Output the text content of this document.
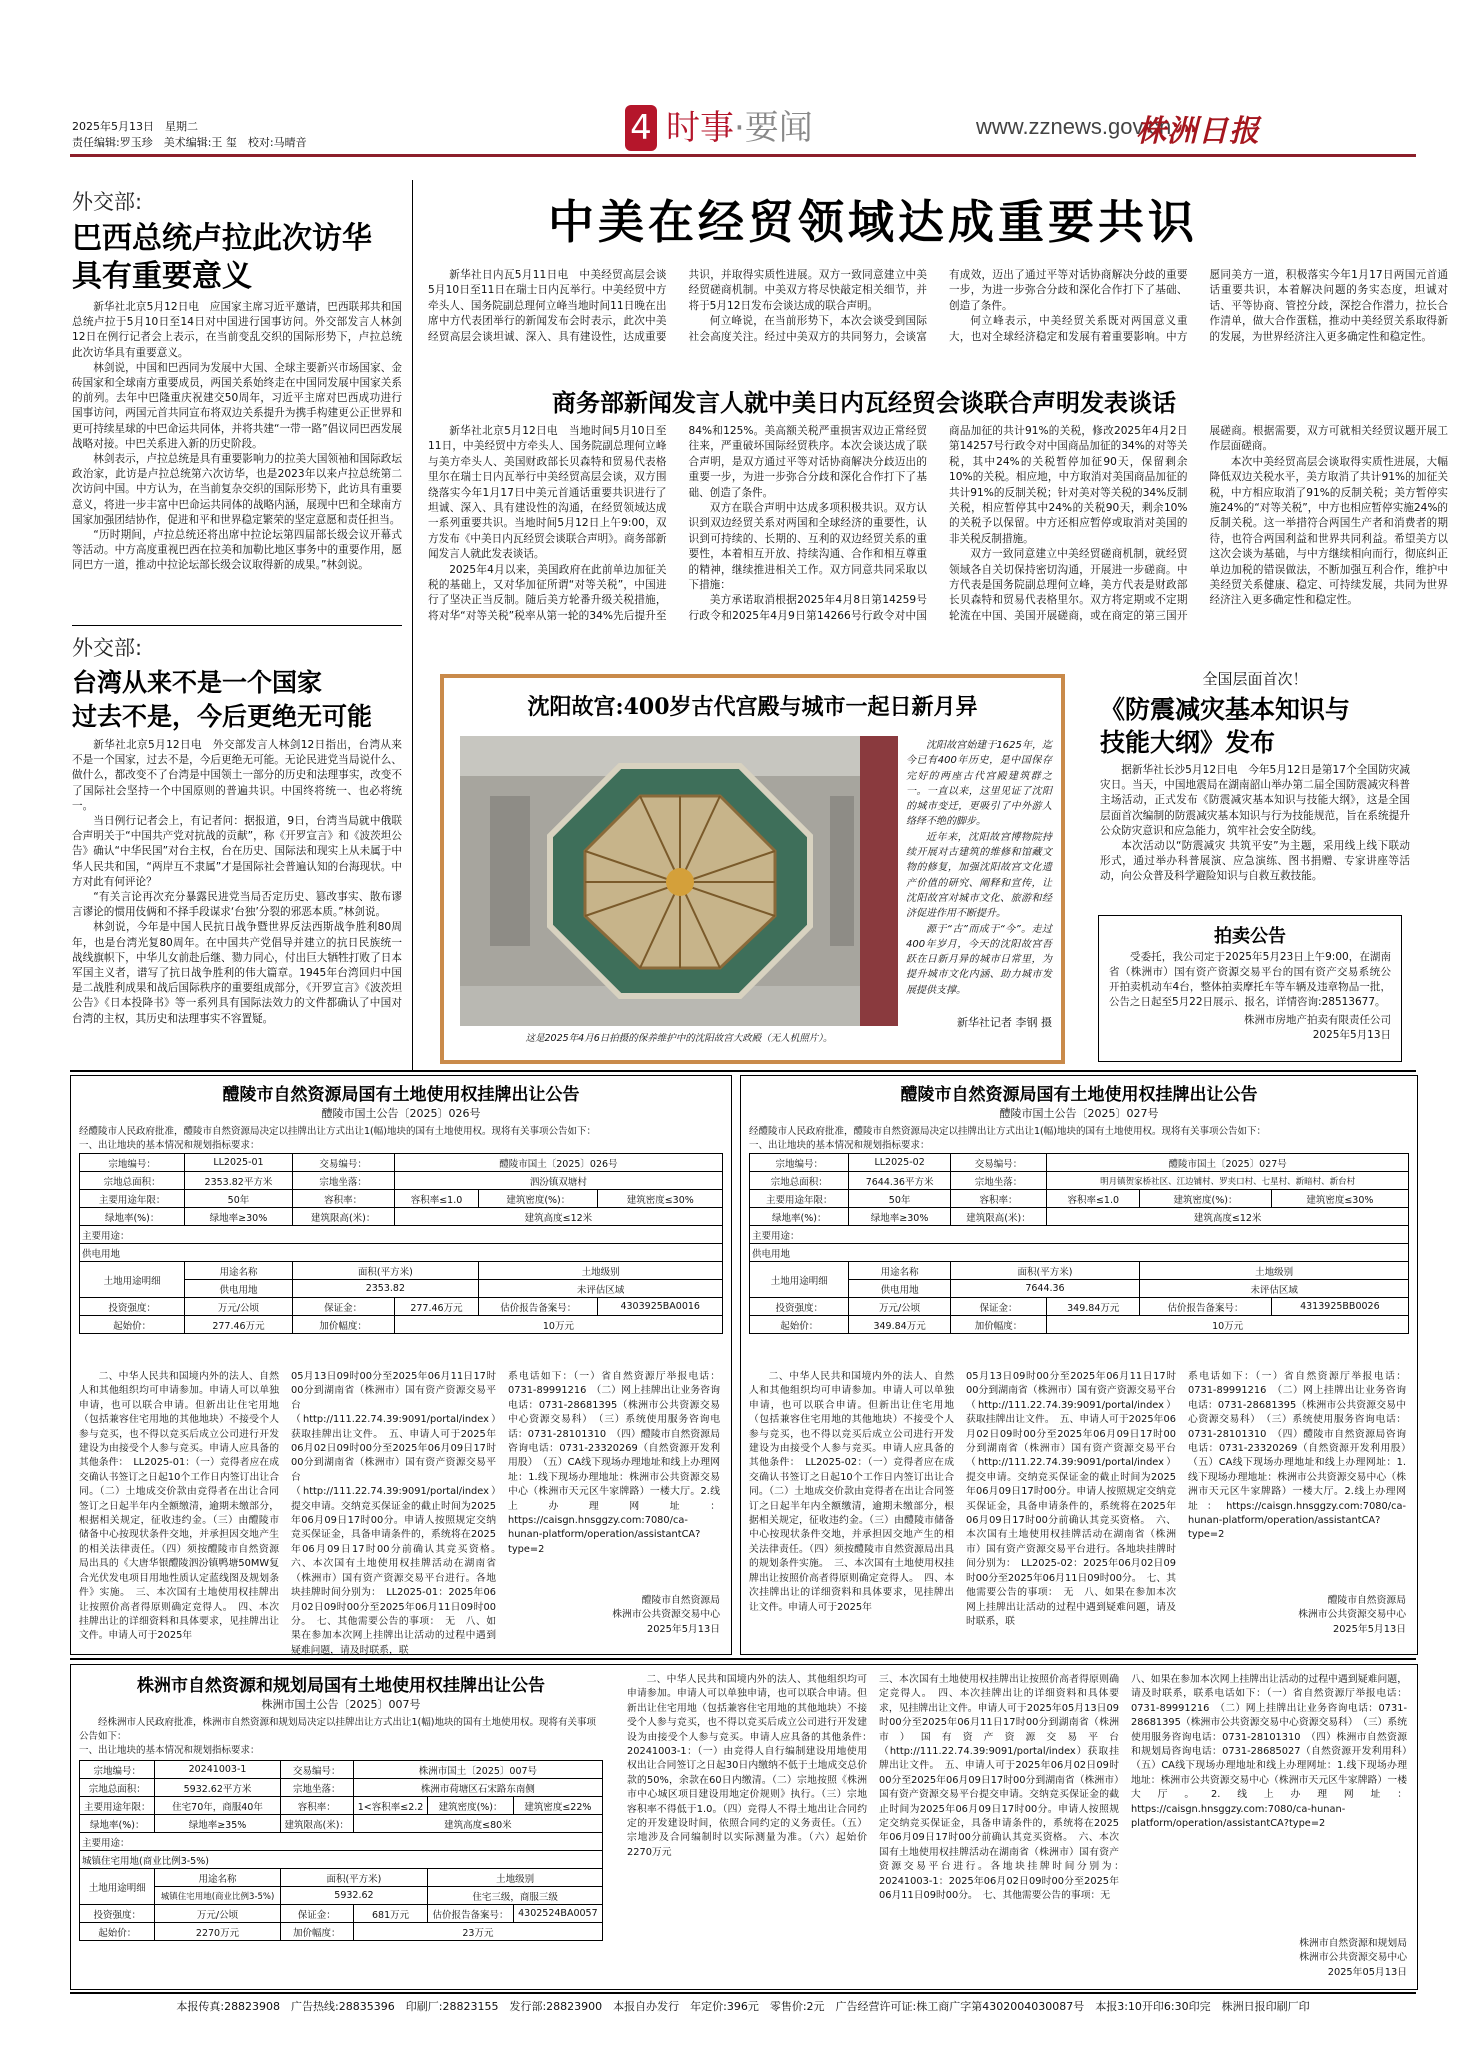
2025年5月13日　星期二
责任编辑:罗玉珍　美术编辑:王 玺　校对:马晴音	4 时事·要闻	www.zznews.gov.cn
株洲日报
外交部:
巴西总统卢拉此次访华
具有重要意义

新华社北京5月12日电　应国家主席习近平邀请，巴西联邦共和国总统卢拉于5月10日至14日对中国进行国事访问。外交部发言人林剑12日在例行记者会上表示，在当前变乱交织的国际形势下，卢拉总统此次访华具有重要意义。

林剑说，中国和巴西同为发展中大国、全球主要新兴市场国家、金砖国家和全球南方重要成员，两国关系始终走在中国同发展中国家关系的前列。去年中巴隆重庆祝建交50周年，习近平主席对巴西成功进行国事访问，两国元首共同宣布将双边关系提升为携手构建更公正世界和更可持续星球的中巴命运共同体，并将共建“一带一路”倡议同巴西发展战略对接。中巴关系进入新的历史阶段。

林剑表示，卢拉总统是具有重要影响力的拉美大国领袖和国际政坛政治家，此访是卢拉总统第六次访华，也是2023年以来卢拉总统第二次访问中国。中方认为，在当前复杂交织的国际形势下，此访具有重要意义，将进一步丰富中巴命运共同体的战略内涵，展现中巴和全球南方国家加强团结协作，促进和平和世界稳定繁荣的坚定意愿和责任担当。

“历时期间，卢拉总统还将出席中拉论坛第四届部长级会议开幕式等活动。中方高度重视巴西在拉美和加勒比地区事务中的重要作用，愿同巴方一道，推动中拉论坛部长级会议取得新的成果。”林剑说。

外交部:
台湾从来不是一个国家
过去不是，今后更绝无可能

新华社北京5月12日电　外交部发言人林剑12日指出，台湾从来不是一个国家，过去不是，今后更绝无可能。无论民进党当局说什么、做什么，都改变不了台湾是中国领土一部分的历史和法理事实，改变不了国际社会坚持一个中国原则的普遍共识。中国终将统一、也必将统一。

当日例行记者会上，有记者问：据报道，9日，台湾当局就中俄联合声明关于“中国共产党对抗战的贡献”，称《开罗宣言》和《波茨坦公告》确认“中华民国”对台主权，台在历史、国际法和现实上从未属于中华人民共和国，“两岸互不隶属”才是国际社会普遍认知的台海现状。中方对此有何评论？

“有关言论再次充分暴露民进党当局否定历史、篡改事实、散布谬言谬论的惯用伎俩和不择手段谋求‘台独’分裂的邪恶本质。”林剑说。

林剑说，今年是中国人民抗日战争暨世界反法西斯战争胜利80周年，也是台湾光复80周年。在中国共产党倡导并建立的抗日民族统一战线旗帜下，中华儿女前赴后继、勠力同心，付出巨大牺牲打败了日本军国主义者，谱写了抗日战争胜利的伟大篇章。1945年台湾回归中国是二战胜利成果和战后国际秩序的重要组成部分，《开罗宣言》《波茨坦公告》《日本投降书》等一系列具有国际法效力的文件都确认了中国对台湾的主权，其历史和法理事实不容置疑。

中美在经贸领域达成重要共识

新华社日内瓦5月11日电　中美经贸高层会谈5月10日至11日在瑞士日内瓦举行。中美经贸中方牵头人、国务院副总理何立峰当地时间11日晚在出席中方代表团举行的新闻发布会时表示，此次中美经贸高层会谈坦诚、深入、具有建设性，达成重要共识，并取得实质性进展。双方一致同意建立中美经贸磋商机制。中美双方将尽快敲定相关细节，并将于5月12日发布会谈达成的联合声明。

何立峰说，在当前形势下，本次会谈受到国际社会高度关注。经过中美双方的共同努力，会谈富有成效，迈出了通过平等对话协商解决分歧的重要一步，为进一步弥合分歧和深化合作打下了基础、创造了条件。

何立峰表示，中美经贸关系既对两国意义重大，也对全球经济稳定和发展有着重要影响。中方愿同美方一道，积极落实今年1月17日两国元首通话重要共识，本着解决问题的务实态度，坦诚对话、平等协商、管控分歧，深挖合作潜力，拉长合作清单，做大合作蛋糕，推动中美经贸关系取得新的发展，为世界经济注入更多确定性和稳定性。

商务部新闻发言人就中美日内瓦经贸会谈联合声明发表谈话

新华社北京5月12日电　当地时间5月10日至11日，中美经贸中方牵头人、国务院副总理何立峰与美方牵头人、美国财政部长贝森特和贸易代表格里尔在瑞士日内瓦举行中美经贸高层会谈，双方围绕落实今年1月17日中美元首通话重要共识进行了坦诚、深入、具有建设性的沟通，在经贸领域达成一系列重要共识。当地时间5月12日上午9:00，双方发布《中美日内瓦经贸会谈联合声明》。商务部新闻发言人就此发表谈话。

2025年4月以来，美国政府在此前单边加征关税的基础上，又对华加征所谓“对等关税”，中国进行了坚决正当反制。随后美方轮番升级关税措施，将对华“对等关税”税率从第一轮的34%先后提升至84%和125%。美高额关税严重损害双边正常经贸往来，严重破坏国际经贸秩序。本次会谈达成了联合声明，是双方通过平等对话协商解决分歧迈出的重要一步，为进一步弥合分歧和深化合作打下了基础、创造了条件。

双方在联合声明中达成多项积极共识。双方认识到双边经贸关系对两国和全球经济的重要性，认识到可持续的、长期的、互利的双边经贸关系的重要性，本着相互开放、持续沟通、合作和相互尊重的精神，继续推进相关工作。双方同意共同采取以下措施：

美方承诺取消根据2025年4月8日第14259号行政令和2025年4月9日第14266号行政令对中国商品加征的共计91%的关税，修改2025年4月2日第14257号行政令对中国商品加征的34%的对等关税，其中24%的关税暂停加征90天，保留剩余10%的关税。相应地，中方取消对美国商品加征的共计91%的反制关税；针对美对等关税的34%反制关税，相应暂停其中24%的关税90天，剩余10%的关税予以保留。中方还相应暂停或取消对美国的非关税反制措施。

双方一致同意建立中美经贸磋商机制，就经贸领域各自关切保持密切沟通，开展进一步磋商。中方代表是国务院副总理何立峰，美方代表是财政部长贝森特和贸易代表格里尔。双方将定期或不定期轮流在中国、美国开展磋商，或在商定的第三国开展磋商。根据需要，双方可就相关经贸议题开展工作层面磋商。

本次中美经贸高层会谈取得实质性进展，大幅降低双边关税水平，美方取消了共计91%的加征关税，中方相应取消了91%的反制关税；美方暂停实施24%的“对等关税”，中方也相应暂停实施24%的反制关税。这一举措符合两国生产者和消费者的期待，也符合两国利益和世界共同利益。希望美方以这次会谈为基础，与中方继续相向而行，彻底纠正单边加税的错误做法，不断加强互利合作，维护中美经贸关系健康、稳定、可持续发展，共同为世界经济注入更多确定性和稳定性。

沈阳故宫:400岁古代宫殿与城市一起日新月异
这是2025年4月6日拍摄的保养维护中的沈阳故宫大政殿（无人机照片）。

沈阳故宫始建于1625年，迄今已有400年历史，是中国保存完好的两座古代宫殿建筑群之一。一直以来，这里见证了沈阳的城市变迁，更吸引了中外游人络绎不绝的脚步。

近年来，沈阳故宫博物院持续开展对古建筑的维修和馆藏文物的修复，加强沈阳故宫文化遗产价值的研究、阐释和宣传，让沈阳故宫对城市文化、旅游和经济促进作用不断提升。

源于“古”而成于“今”。走过400年岁月，今天的沈阳故宫吾跃在日新月异的城市日常里，为提升城市文化内涵、助力城市发展提供支撑。

新华社记者 李钢 摄
全国层面首次！
《防震减灾基本知识与
技能大纲》发布

据新华社长沙5月12日电　今年5月12日是第17个全国防灾减灾日。当天，中国地震局在湖南韶山举办第二届全国防震减灾科普主场活动，正式发布《防震减灾基本知识与技能大纲》，这是全国层面首次编制的防震减灾基本知识与行为技能规范，旨在系统提升公众防灾意识和应急能力，筑牢社会安全防线。

本次活动以“防震减灾 共筑平安”为主题，采用线上线下联动形式，通过举办科普展演、应急演练、图书捐赠、专家讲座等活动，向公众普及科学避险知识与自救互救技能。

拍卖公告
受委托，我公司定于2025年5月23日上午9:00，在湖南省（株洲市）国有资产资源交易平台的国有资产交易系统公开拍卖机动车4台，整体拍卖摩托车等车辆及违章物品一批，公告之日起至5月22日展示、报名，详情咨询:28513677。
株洲市房地产拍卖有限责任公司
2025年5月13日
醴陵市自然资源局国有土地使用权挂牌出让公告
醴陵市国土公告〔2025〕026号
经醴陵市人民政府批准，醴陵市自然资源局决定以挂牌出让方式出让1(幅)地块的国有土地使用权。现将有关事项公告如下：
一、出让地块的基本情况和规划指标要求：
宗地编号：	LL2025-01	交易编号：	醴陵市国土〔2025〕026号		
宗地总面积：	2353.82平方米	宗地坐落：	泗汾镇双塘村		
主要用途年限：	50年	容积率：	容积率≤1.0	建筑密度(%)：	建筑密度≤30%
绿地率(%)：	绿地率≥30%	建筑限高(米)：	建筑高度≤12米		
主要用途：					
供电用地					
土地用途明细	用途名称	面积(平方米)		土地级别	
	供电用地	2353.82		未评估区域	
投资强度：	万元/公顷	保证金：	277.46万元	估价报告备案号：	4303925BA0016
起始价：	277.46万元	加价幅度：	10万元		
二、中华人民共和国境内外的法人、自然人和其他组织均可申请参加。申请人可以单独申请，也可以联合申请。但新出让住宅用地（包括兼容住宅用地的其他地块）不接受个人参与竞买，也不得以竞买后成立公司进行开发建设为由接受个人参与竞买。申请人应具备的其他条件：　LL2025-01：（一）竞得者应在成交确认书签订之日起10个工作日内签订出让合同。（二）土地成交价款由竞得者在出让合同签订之日起半年内全额缴清，逾期未缴部分，根据相关规定，征收违约金。（三）由醴陵市储备中心按现状条件交地，并承担因交地产生的相关法律责任。（四）须按醴陵市自然资源局出具的《大唐华银醴陵泗汾镇鸭塘50MW复合光伏发电项目用地性质认定蓝线图及规划条件》实施。　三、本次国有土地使用权挂牌出让按照价高者得原则确定竞得人。　四、本次挂牌出让的详细资料和具体要求，见挂牌出让文件。申请人可于2025年
05月13日09时00分至2025年06月11日17时00分到湖南省（株洲市）国有资产资源交易平台（http://111.22.74.39:9091/portal/index）获取挂牌出让文件。　五、申请人可于2025年06月02日09时00分至2025年06月09日17时00分到湖南省（株洲市）国有资产资源交易平台（http://111.22.74.39:9091/portal/index）提交申请。交纳竞买保证金的截止时间为2025年06月09日17时00分。申请人按照规定交纳竞买保证金，具备申请条件的，系统将在2025年06月09日17时00分前确认其竞买资格。　六、本次国有土地使用权挂牌活动在湖南省（株洲市）国有资产资源交易平台进行。各地块挂牌时间分别为：　LL2025-01：2025年06月02日09时00分至2025年06月11日09时00分。　七、其他需要公告的事项：　无　八、如果在参加本次网上挂牌出让活动的过程中遇到疑难问题，请及时联系，联
系电话如下：（一）省自然资源厅举报电话：0731-89991216　（二）网上挂牌出让业务咨询电话：0731-28681395（株洲市公共资源交易中心资源交易科）　（三）系统使用服务咨询电话：0731-28101310　（四）醴陵市自然资源局咨询电话：0731-23320269（自然资源开发利用股）　（五）CA线下现场办理地址和线上办理网址：1.线下现场办理地址：株洲市公共资源交易中心（株洲市天元区牛家牌路）一楼大厅。2.线上办理网址：https://caisgn.hnsggzy.com:7080/ca-hunan-platform/operation/assistantCA?type=2
醴陵市自然资源局
株洲市公共资源交易中心
2025年5月13日
醴陵市自然资源局国有土地使用权挂牌出让公告
醴陵市国土公告〔2025〕027号
经醴陵市人民政府批准，醴陵市自然资源局决定以挂牌出让方式出让1(幅)地块的国有土地使用权。现将有关事项公告如下：
一、出让地块的基本情况和规划指标要求：
宗地编号：	LL2025-02	交易编号：	醴陵市国土〔2025〕027号		
宗地总面积：	7644.36平方米	宗地坐落：	明月镇贺家桥社区、江边铺村、罗夹口村、七星村、新暗村、新台村		
主要用途年限：	50年	容积率：	容积率≤1.0	建筑密度(%)：	建筑密度≤30%
绿地率(%)：	绿地率≥30%	建筑限高(米)：	建筑高度≤12米		
主要用途：					
供电用地					
土地用途明细	用途名称	面积(平方米)		土地级别	
	供电用地	7644.36		未评估区域	
投资强度：	万元/公顷	保证金：	349.84万元	估价报告备案号：	4313925BB0026
起始价：	349.84万元	加价幅度：	10万元		
二、中华人民共和国境内外的法人、自然人和其他组织均可申请参加。申请人可以单独申请，也可以联合申请。但新出让住宅用地（包括兼容住宅用地的其他地块）不接受个人参与竞买，也不得以竞买后成立公司进行开发建设为由接受个人参与竞买。申请人应具备的其他条件：　LL2025-02：（一）竞得者应在成交确认书签订之日起10个工作日内签订出让合同。（二）土地成交价款由竞得者在出让合同签订之日起半年内全额缴清，逾期未缴部分，根据相关规定，征收违约金。（三）由醴陵市储备中心按现状条件交地，并承担因交地产生的相关法律责任。（四）须按醴陵市自然资源局出具的规划条件实施。　三、本次国有土地使用权挂牌出让按照价高者得原则确定竞得人。　四、本次挂牌出让的详细资料和具体要求，见挂牌出让文件。申请人可于2025年
05月13日09时00分至2025年06月11日17时00分到湖南省（株洲市）国有资产资源交易平台（http://111.22.74.39:9091/portal/index）获取挂牌出让文件。　五、申请人可于2025年06月02日09时00分至2025年06月09日17时00分到湖南省（株洲市）国有资产资源交易平台（http://111.22.74.39:9091/portal/index）提交申请。交纳竞买保证金的截止时间为2025年06月09日17时00分。申请人按照规定交纳竞买保证金，具备申请条件的，系统将在2025年06月09日17时00分前确认其竞买资格。　六、本次国有土地使用权挂牌活动在湖南省（株洲市）国有资产资源交易平台进行。各地块挂牌时间分别为：　LL2025-02：2025年06月02日09时00分至2025年06月11日09时00分。　七、其他需要公告的事项：　无　八、如果在参加本次网上挂牌出让活动的过程中遇到疑难问题，请及时联系，联
系电话如下：（一）省自然资源厅举报电话：0731-89991216　（二）网上挂牌出让业务咨询电话：0731-28681395（株洲市公共资源交易中心资源交易科）　（三）系统使用服务咨询电话：0731-28101310　（四）醴陵市自然资源局咨询电话：0731-23320269（自然资源开发利用股）　（五）CA线下现场办理地址和线上办理网址：1.线下现场办理地址：株洲市公共资源交易中心（株洲市天元区牛家牌路）一楼大厅。2.线上办理网址：https://caisgn.hnsggzy.com:7080/ca-hunan-platform/operation/assistantCA?type=2
醴陵市自然资源局
株洲市公共资源交易中心
2025年5月13日
株洲市自然资源和规划局国有土地使用权挂牌出让公告
株洲市国土公告〔2025〕007号
经株洲市人民政府批准，株洲市自然资源和规划局决定以挂牌出让方式出让1(幅)地块的国有土地使用权。现将有关事项公告如下：
一、出让地块的基本情况和规划指标要求：
宗地编号：	20241003-1	交易编号：	株洲市国土〔2025〕007号		
宗地总面积：	5932.62平方米	宗地坐落：	株洲市荷塘区石宋路东南侧		
主要用途年限：	住宅70年，商服40年	容积率：	1<容积率≤2.2	建筑密度(%)：	建筑密度≤22%
绿地率(%)：	绿地率≥35%	建筑限高(米)：	建筑高度≤80米		
主要用途：					
城镇住宅用地(商业比例3-5%)					
土地用途明细	用途名称	面积(平方米)		土地级别	
	城镇住宅用地(商业比例3-5%)	5932.62		住宅三级，商服三级	
投资强度：	万元/公顷	保证金：	681万元	估价报告备案号：	4302524BA0057
起始价：	2270万元	加价幅度：	23万元		
二、中华人民共和国境内外的法人、其他组织均可申请参加。申请人可以单独申请，也可以联合申请。但新出让住宅用地（包括兼容住宅用地的其他地块）不接受个人参与竞买，也不得以竞买后成立公司进行开发建设为由接受个人参与竞买。申请人应具备的其他条件：　20241003-1：（一）由竞得人自行编制建设用地使用权出让合同签订之日起30日内缴纳不低于土地成交总价款的50%，余款在60日内缴清。（二）宗地按照《株洲市中心城区项目建设用地定价规则》执行。（三）宗地容积率不得低于1.0。（四）竞得人不得土地出让合同约定的开发建设时间，依照合同约定的义务责任。（五）宗地涉及合同编制时以实际测量为准。（六）起始价2270万元
三、本次国有土地使用权挂牌出让按照价高者得原则确定竞得人。　四、本次挂牌出让的详细资料和具体要求，见挂牌出让文件。申请人可于2025年05月13日09时00分至2025年06月11日17时00分到湖南省（株洲市）国有资产资源交易平台（http://111.22.74.39:9091/portal/index）获取挂牌出让文件。　五、申请人可于2025年06月02日09时00分至2025年06月09日17时00分到湖南省（株洲市）国有资产资源交易平台提交申请。交纳竞买保证金的截止时间为2025年06月09日17时00分。申请人按照规定交纳竞买保证金，具备申请条件的，系统将在2025年06月09日17时00分前确认其竞买资格。　六、本次国有土地使用权挂牌活动在湖南省（株洲市）国有资产资源交易平台进行。各地块挂牌时间分别为：　20241003-1：2025年06月02日09时00分至2025年06月11日09时00分。　七、其他需要公告的事项：无
八、如果在参加本次网上挂牌出让活动的过程中遇到疑难问题，请及时联系，联系电话如下：（一）省自然资源厅举报电话：0731-89991216　（二）网上挂牌出让业务咨询电话：0731-28681395（株洲市公共资源交易中心资源交易科）　（三）系统使用服务咨询电话：0731-28101310　（四）株洲市自然资源和规划局咨询电话：0731-28685027（自然资源开发利用科）　（五）CA线下现场办理地址和线上办理网址：1.线下现场办理地址：株洲市公共资源交易中心（株洲市天元区牛家牌路）一楼大厅。2.线上办理网址：https://caisgn.hnsggzy.com:7080/ca-hunan-platform/operation/assistantCA?type=2
株洲市自然资源和规划局
株洲市公共资源交易中心
2025年05月13日
本报传真:28823908　广告热线:28835396　印刷厂:28823155　发行部:28823900　本报自办发行　年定价:396元　零售价:2元　广告经营许可证:株工商广字第4302004030087号　本报3:10开印6:30印完　株洲日报印刷厂印
